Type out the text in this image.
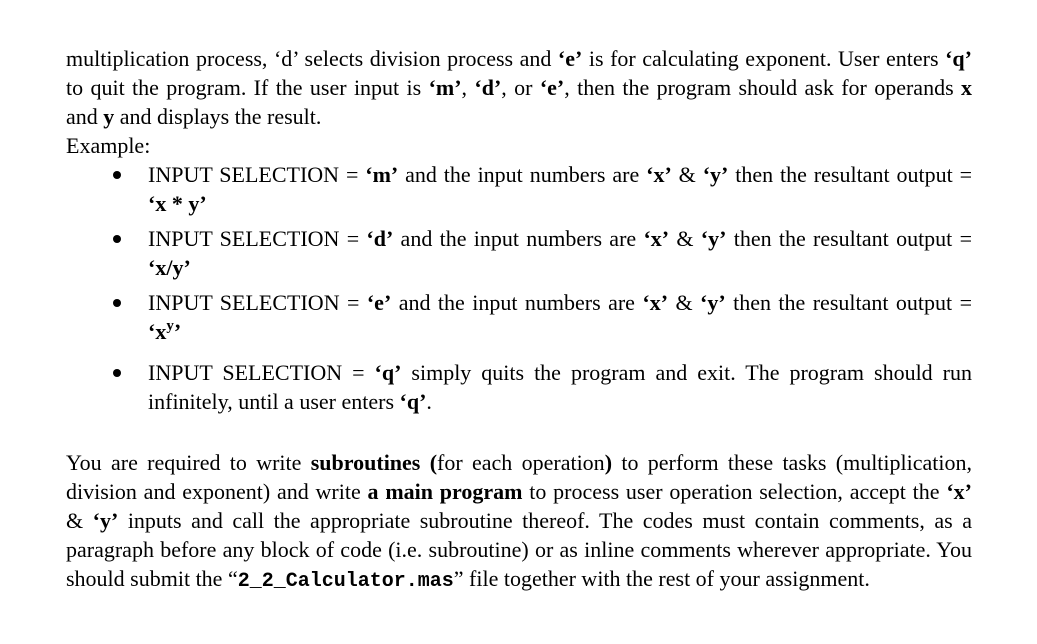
multiplication process, ‘d’ selects division process and ‘e’ is for calculating exponent. User enters ‘q’ to quit the program. If the user input is ‘m’, ‘d’, or ‘e’, then the program should ask for operands x and y and displays the result.

Example:

INPUT SELECTION = ‘m’ and the input numbers are ‘x’ & ‘y’ then the resultant output = ‘x * y’
INPUT SELECTION = ‘d’ and the input numbers are ‘x’ & ‘y’ then the resultant output = ‘x/y’
INPUT SELECTION = ‘e’ and the input numbers are ‘x’ & ‘y’ then the resultant output = ‘$x^y$’
INPUT SELECTION = ‘q’ simply quits the program and exit. The program should run infinitely, until a user enters ‘q’.

You are required to write subroutines (for each operation) to perform these tasks (multiplication, division and exponent) and write a main program to process user operation selection, accept the ‘x’ & ‘y’ inputs and call the appropriate subroutine thereof. The codes must contain comments, as a paragraph before any block of code (i.e. subroutine) or as inline comments wherever appropriate. You should submit the “2_2_Calculator.mas” file together with the rest of your assignment.
